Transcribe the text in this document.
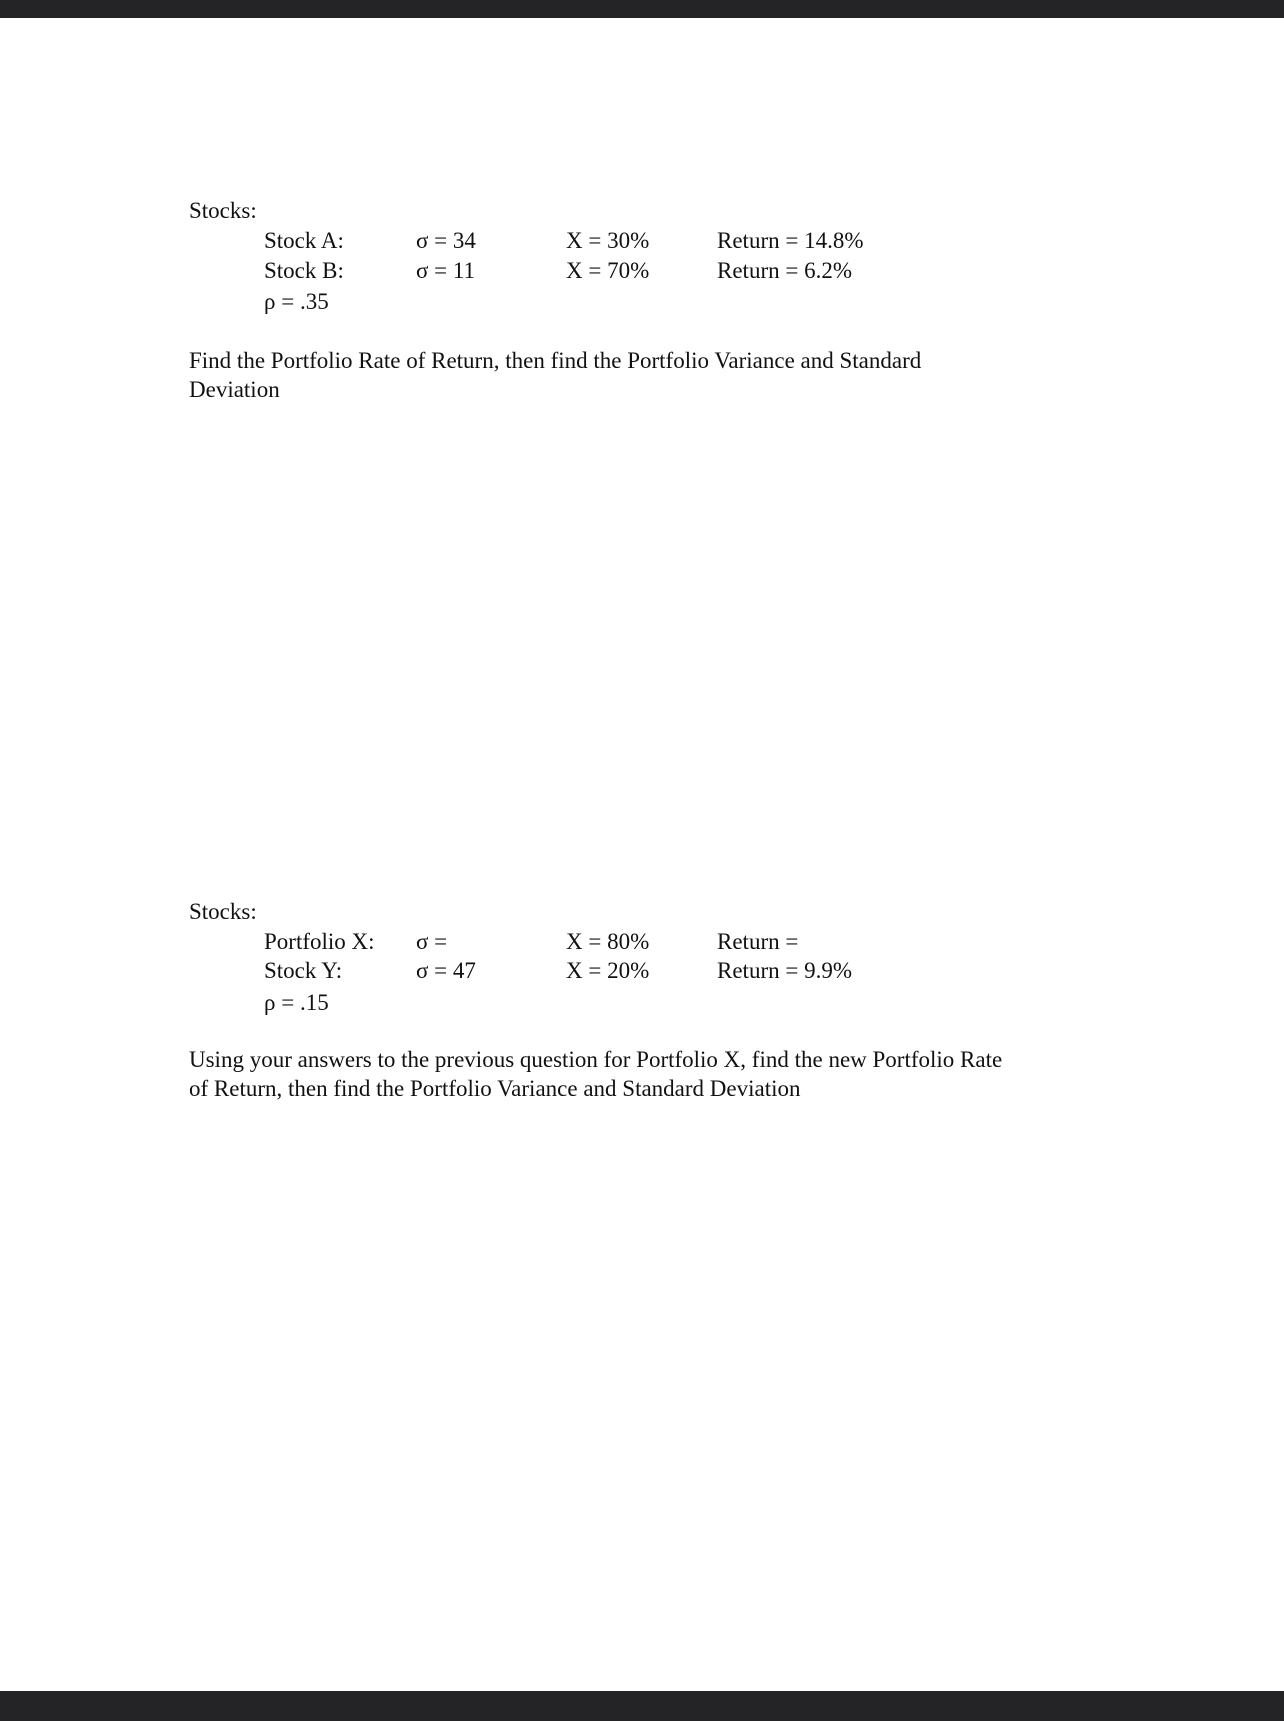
Stocks:
Stock A:	σ = 34	X = 30%	Return = 14.8%
Stock B:	σ = 11	X = 70%	Return = 6.2%
ρ = .35
Find the Portfolio Rate of Return, then find the Portfolio Variance and Standard
Deviation
Stocks:
Portfolio X: σ =	X = 80%	Return =
Stock Y:	σ = 47	X = 20%	Return = 9.9%
ρ = .15
Using your answers to the previous question for Portfolio X, find the new Portfolio Rate
of Return, then find the Portfolio Variance and Standard Deviation
